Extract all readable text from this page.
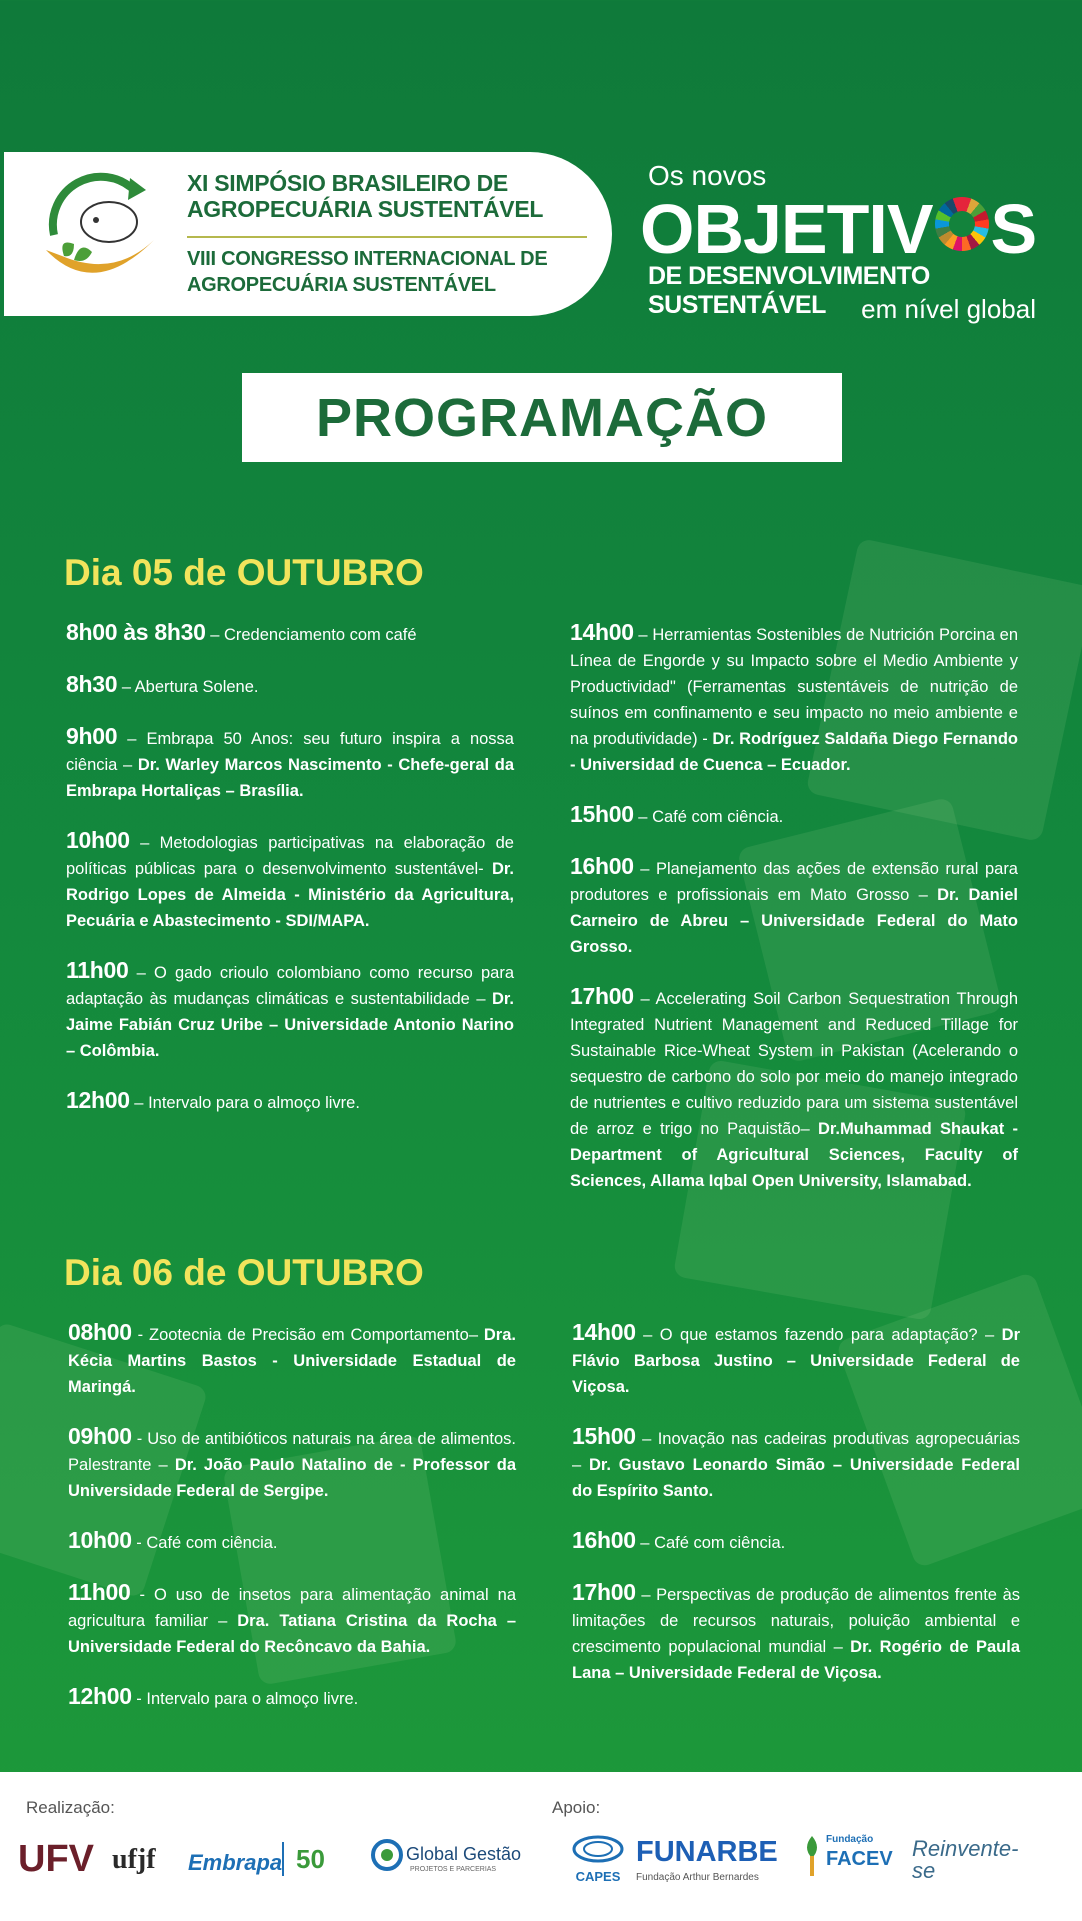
XI SIMPÓSIO BRASILEIRO DE
AGROPECUÁRIA SUSTENTÁVEL
VIII CONGRESSO INTERNACIONAL DE
AGROPECUÁRIA SUSTENTÁVEL
Os novos
OBJETIV S
DE DESENVOLVIMENTO SUSTENTÁVEL	em nível global
PROGRAMAÇÃO
Dia 05 de OUTUBRO
8h00 às 8h30 – Credenciamento com café
8h30 – Abertura Solene.
9h00 – Embrapa 50 Anos: seu futuro inspira a nossa ciência – Dr. Warley Marcos Nascimento - Chefe-geral da Embrapa Hortaliças – Brasília.
10h00 – Metodologias participativas na elaboração de políticas públicas para o desenvolvimento sustentável- Dr. Rodrigo Lopes de Almeida - Ministério da Agricultura, Pecuária e Abastecimento - SDI/MAPA.
11h00 – O gado crioulo colombiano como recurso para adaptação às mudanças climáticas e sustentabilidade – Dr. Jaime Fabián Cruz Uribe – Universidade Antonio Narino – Colômbia.
12h00 – Intervalo para o almoço livre.
14h00 – Herramientas Sostenibles de Nutrición Porcina en Línea de Engorde y su Impacto sobre el Medio Ambiente y Productividad" (Ferramentas sustentáveis de nutrição de suínos em confinamento e seu impacto no meio ambiente e na produtividade) - Dr. Rodríguez Saldaña Diego Fernando - Universidad de Cuenca – Ecuador.
15h00 – Café com ciência.
16h00 – Planejamento das ações de extensão rural para produtores e profissionais em Mato Grosso – Dr. Daniel Carneiro de Abreu – Universidade Federal do Mato Grosso.
17h00 – Accelerating Soil Carbon Sequestration Through Integrated Nutrient Management and Reduced Tillage for Sustainable Rice-Wheat System in Pakistan (Acelerando o sequestro de carbono do solo por meio do manejo integrado de nutrientes e cultivo reduzido para um sistema sustentável de arroz e trigo no Paquistão– Dr.Muhammad Shaukat - Department of Agricultural Sciences, Faculty of Sciences, Allama Iqbal Open University, Islamabad.
Dia 06 de OUTUBRO
08h00 - Zootecnia de Precisão em Comportamento– Dra. Kécia Martins Bastos - Universidade Estadual de Maringá.
09h00 - Uso de antibióticos naturais na área de alimentos. Palestrante – Dr. João Paulo Natalino de - Professor da Universidade Federal de Sergipe.
10h00 - Café com ciência.
11h00 - O uso de insetos para alimentação animal na agricultura familiar – Dra. Tatiana Cristina da Rocha – Universidade Federal do Recôncavo da Bahia.
12h00 - Intervalo para o almoço livre.
14h00 – O que estamos fazendo para adaptação? – Dr Flávio Barbosa Justino – Universidade Federal de Viçosa.
15h00 – Inovação nas cadeiras produtivas agropecuárias – Dr. Gustavo Leonardo Simão – Universidade Federal do Espírito Santo.
16h00 – Café com ciência.
17h00 – Perspectivas de produção de alimentos frente às limitações de recursos naturais, poluição ambiental e crescimento populacional mundial – Dr. Rogério de Paula Lana – Universidade Federal de Viçosa.
Realização:	Apoio:
UFV ufjf Embrapa 50	Global Gestão
PROJETOS E PARCERIAS	CAPES
FUNARBE
Fundação Arthur Bernardes
Fundação
FACEV Reinvente-se
